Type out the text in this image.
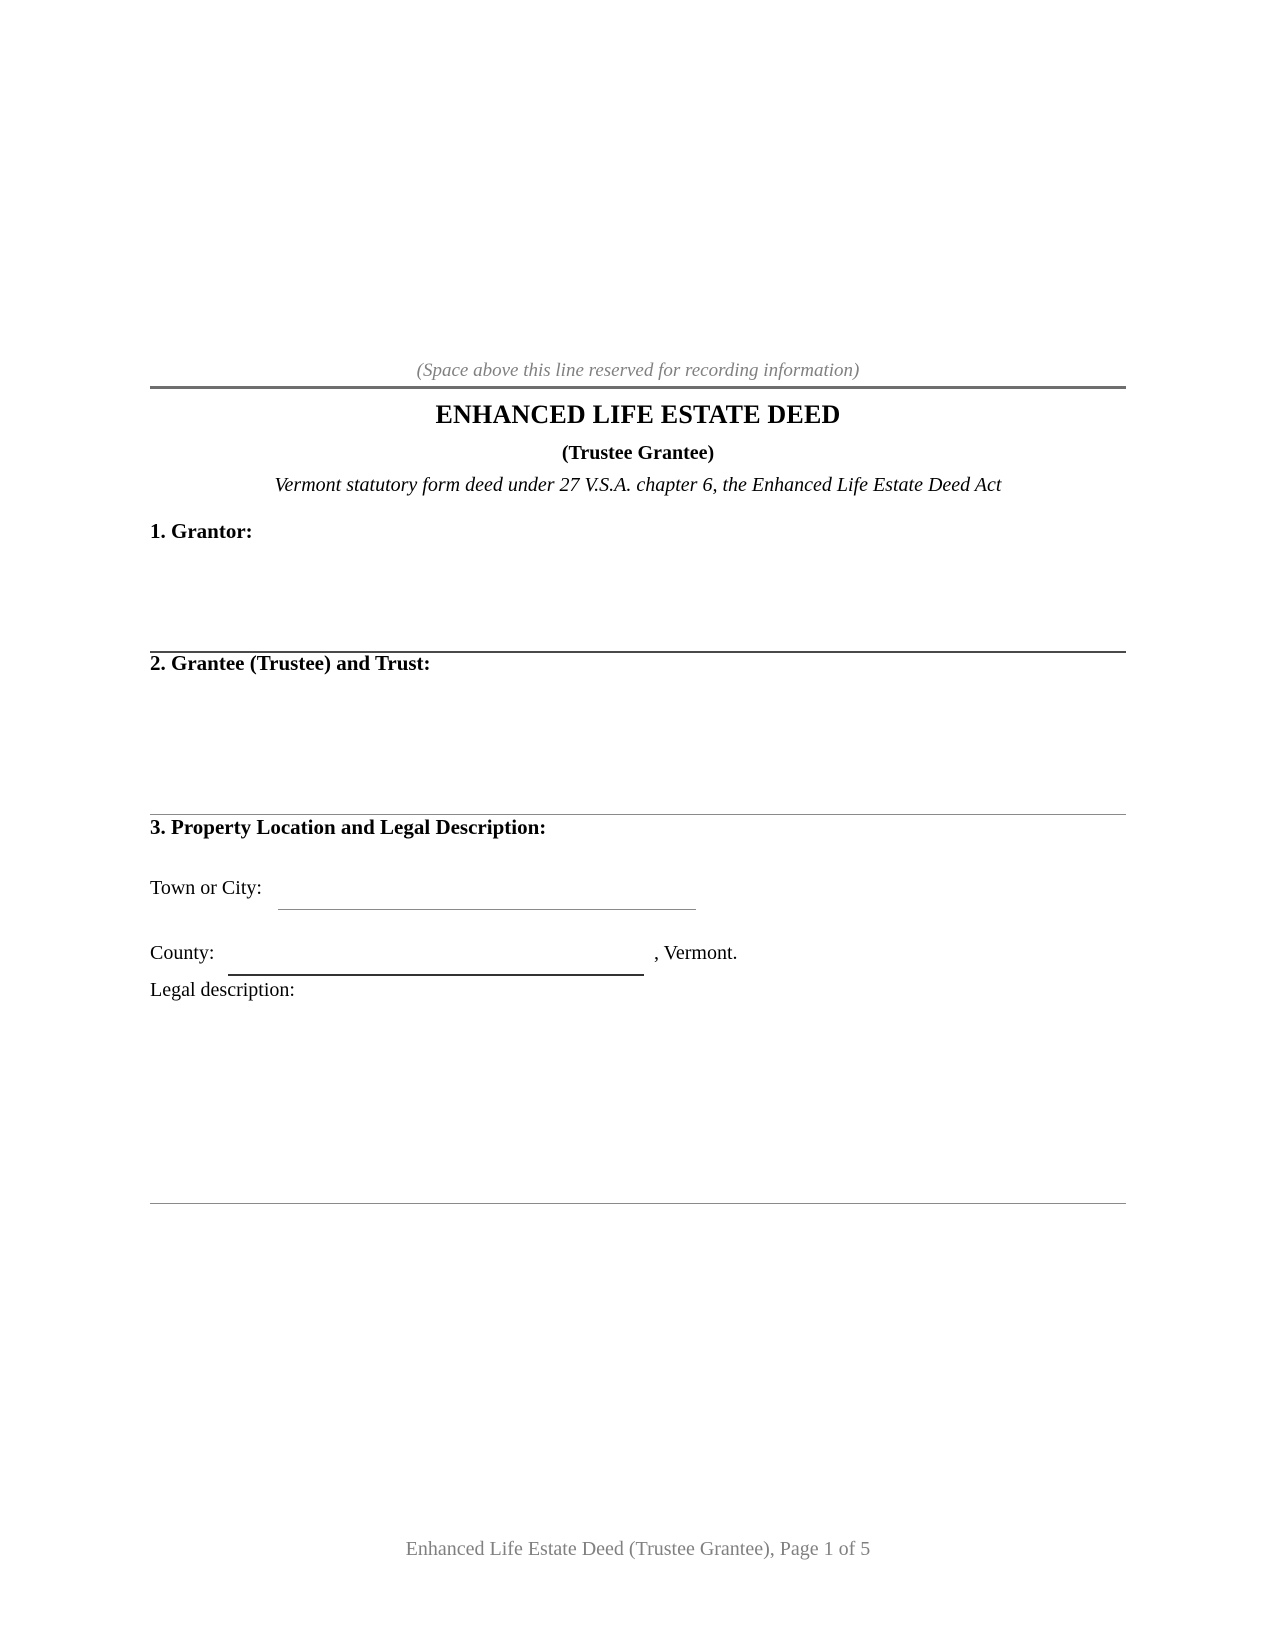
(Space above this line reserved for recording information)
ENHANCED LIFE ESTATE DEED
(Trustee Grantee)
Vermont statutory form deed under 27 V.S.A. chapter 6, the Enhanced Life Estate Deed Act
1. Grantor:
2. Grantee (Trustee) and Trust:
3. Property Location and Legal Description:
Town or City:
County:	, Vermont.
Legal description:
Enhanced Life Estate Deed (Trustee Grantee), Page 1 of 5
